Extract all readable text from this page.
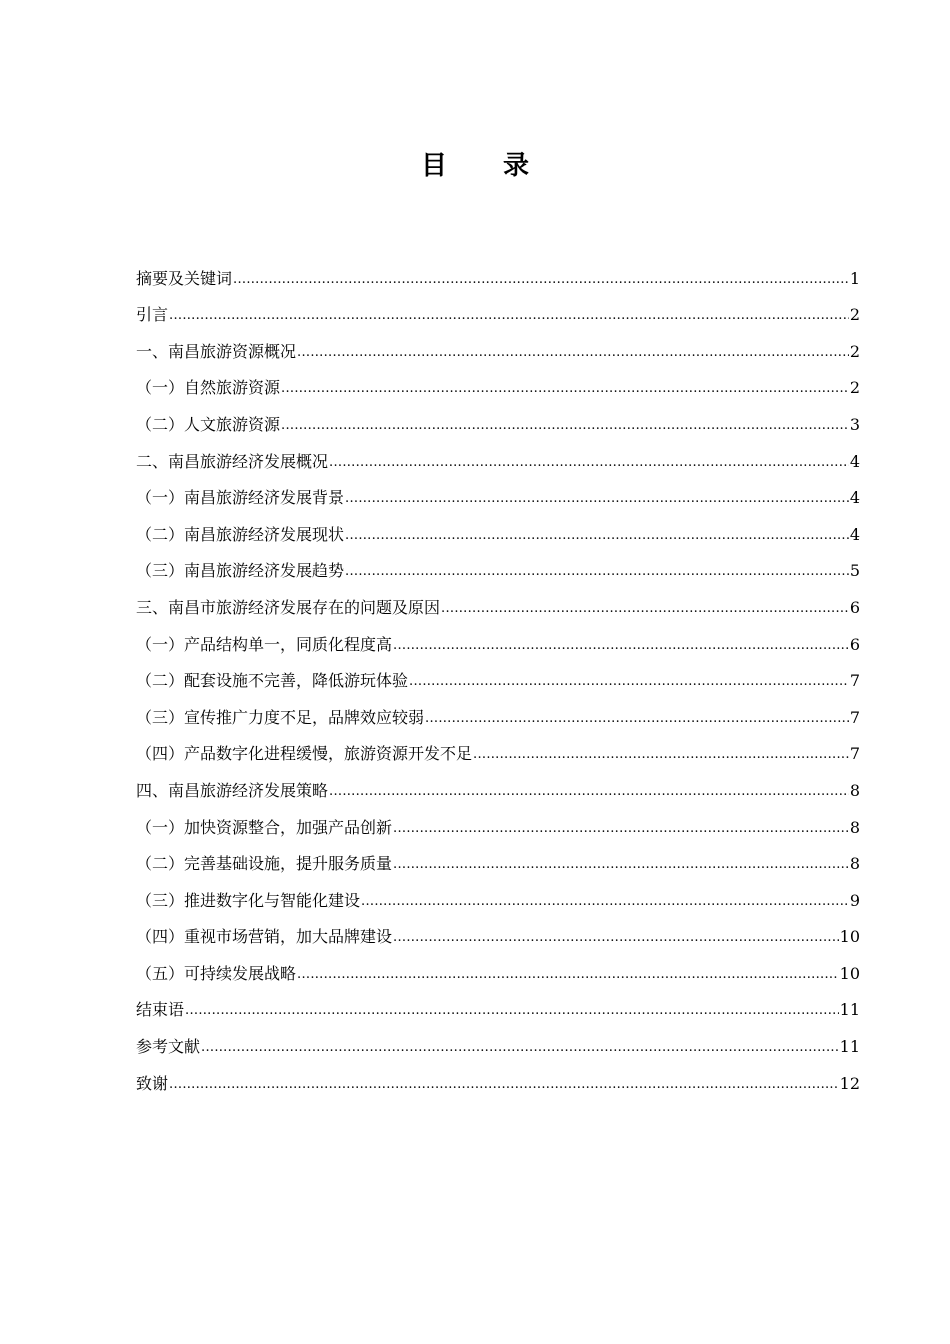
目 录
摘要及关键词 .....	1
引言 .....	2
一、南昌旅游资源概况 .....	2
（一）自然旅游资源 .....	2
（二）人文旅游资源 .....	3
二、南昌旅游经济发展概况 .....	4
（一）南昌旅游经济发展背景 .....	4
（二）南昌旅游经济发展现状 .....	4
（三）南昌旅游经济发展趋势 .....	5
三、南昌市旅游经济发展存在的问题及原因 .....	6
（一）产品结构单一，同质化程度高 .....	6
（二）配套设施不完善，降低游玩体验 .....	7
（三）宣传推广力度不足，品牌效应较弱 .....	7
（四）产品数字化进程缓慢，旅游资源开发不足 .....	7
四、南昌旅游经济发展策略 .....	8
（一）加快资源整合，加强产品创新 .....	8
（二）完善基础设施，提升服务质量 .....	8
（三）推进数字化与智能化建设 .....	9
（四）重视市场营销，加大品牌建设 .....	10
（五）可持续发展战略 .....	10
结束语 .....	11
参考文献 .....	11
致谢 .....	12
